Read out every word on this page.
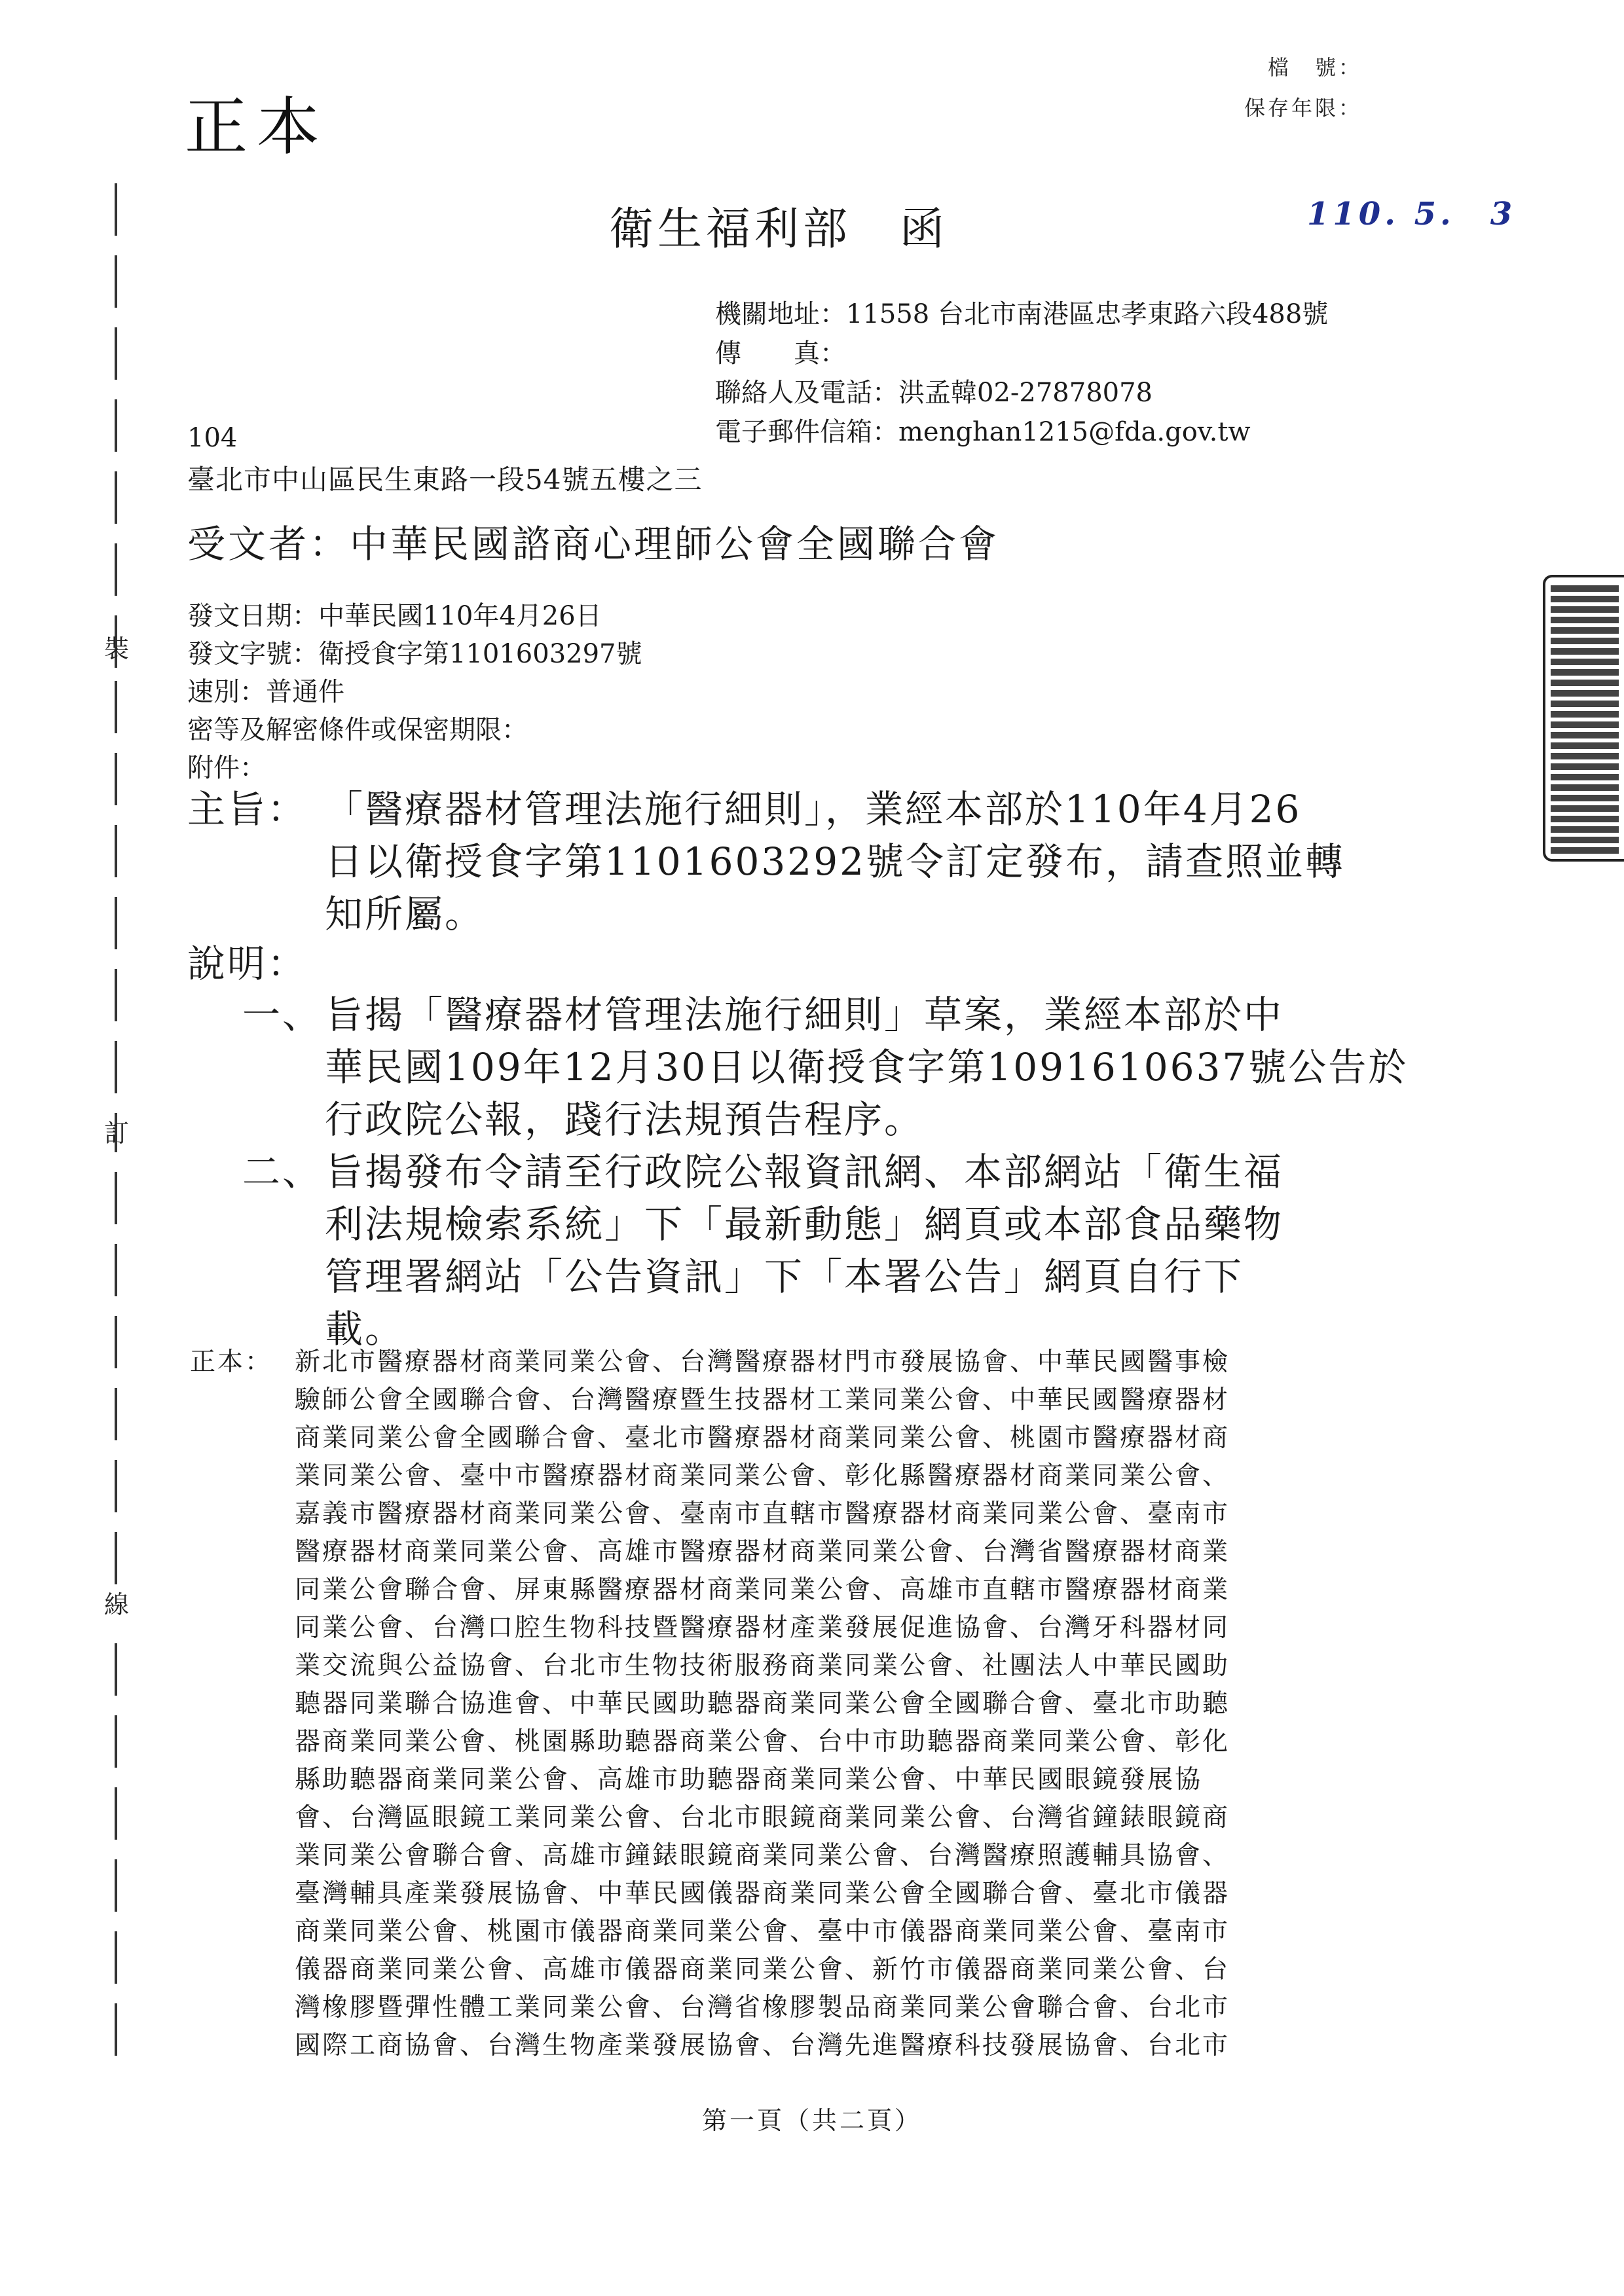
正本
檔　號：
保存年限：
衛生福利部　函	110. 5.　3
機關地址：11558 台北市南港區忠孝東路六段488號
傳　　真：
聯絡人及電話：洪孟韓02-27878078
電子郵件信箱：menghan1215@fda.gov.tw
104
臺北市中山區民生東路一段54號五樓之三
受文者：中華民國諮商心理師公會全國聯合會
發文日期：中華民國110年4月26日
發文字號：衛授食字第1101603297號
速別：普通件
密等及解密條件或保密期限：
附件：
主旨： 「醫療器材管理法施行細則」，業經本部於110年4月26
日以衛授食字第1101603292號令訂定發布，請查照並轉
知所屬。
說明：
一、 旨揭「醫療器材管理法施行細則」草案，業經本部於中
華民國109年12月30日以衛授食字第1091610637號公告於
行政院公報，踐行法規預告程序。
二、 旨揭發布令請至行政院公報資訊網、本部網站「衛生福
利法規檢索系統」下「最新動態」網頁或本部食品藥物
管理署網站「公告資訊」下「本署公告」網頁自行下
載。
正本： 新北市醫療器材商業同業公會、台灣醫療器材門市發展協會、中華民國醫事檢
驗師公會全國聯合會、台灣醫療暨生技器材工業同業公會、中華民國醫療器材
商業同業公會全國聯合會、臺北市醫療器材商業同業公會、桃園市醫療器材商
業同業公會、臺中市醫療器材商業同業公會、彰化縣醫療器材商業同業公會、
嘉義市醫療器材商業同業公會、臺南市直轄市醫療器材商業同業公會、臺南市
醫療器材商業同業公會、高雄市醫療器材商業同業公會、台灣省醫療器材商業
同業公會聯合會、屏東縣醫療器材商業同業公會、高雄市直轄市醫療器材商業
同業公會、台灣口腔生物科技暨醫療器材產業發展促進協會、台灣牙科器材同
業交流與公益協會、台北市生物技術服務商業同業公會、社團法人中華民國助
聽器同業聯合協進會、中華民國助聽器商業同業公會全國聯合會、臺北市助聽
器商業同業公會、桃園縣助聽器商業公會、台中市助聽器商業同業公會、彰化
縣助聽器商業同業公會、高雄市助聽器商業同業公會、中華民國眼鏡發展協
會、台灣區眼鏡工業同業公會、台北市眼鏡商業同業公會、台灣省鐘錶眼鏡商
業同業公會聯合會、高雄市鐘錶眼鏡商業同業公會、台灣醫療照護輔具協會、
臺灣輔具產業發展協會、中華民國儀器商業同業公會全國聯合會、臺北市儀器
商業同業公會、桃園市儀器商業同業公會、臺中市儀器商業同業公會、臺南市
儀器商業同業公會、高雄市儀器商業同業公會、新竹市儀器商業同業公會、台
灣橡膠暨彈性體工業同業公會、台灣省橡膠製品商業同業公會聯合會、台北市
國際工商協會、台灣生物產業發展協會、台灣先進醫療科技發展協會、台北市
裝
訂
線
第一頁（共二頁）
